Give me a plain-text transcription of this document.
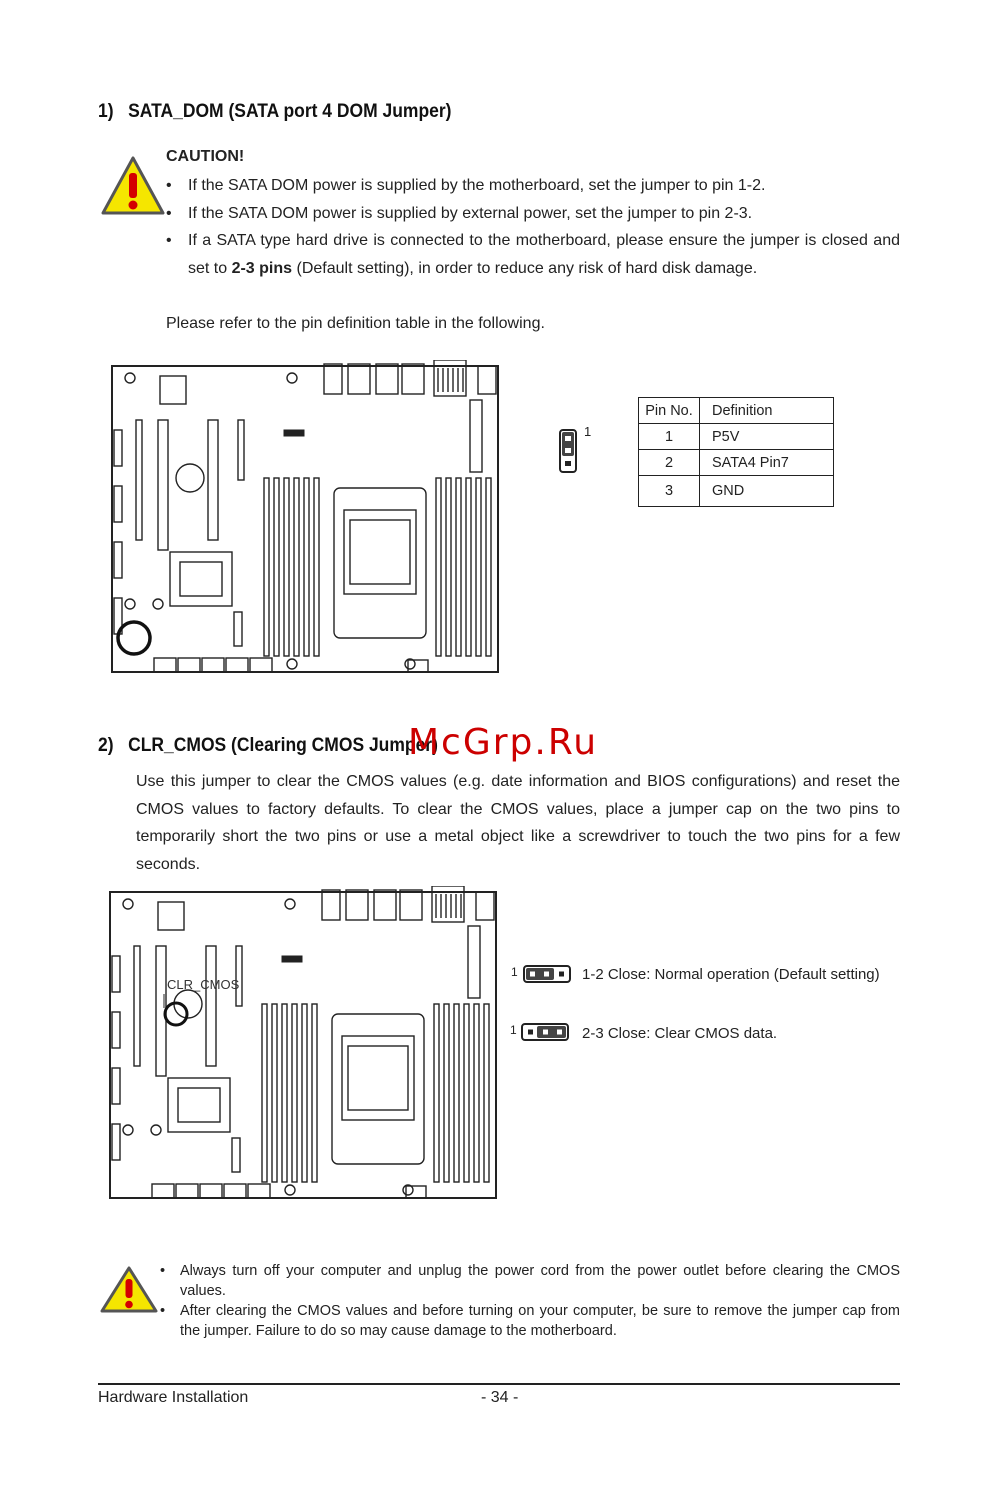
1)   SATA_DOM (SATA port 4 DOM Jumper)
CAUTION!
• If the SATA DOM power is supplied by the motherboard, set the jumper to pin 1-2.
• If the SATA DOM power is supplied by external power, set the jumper to pin 2-3.
• If a SATA type hard drive is connected to the motherboard, please ensure the jumper is closed and set to 2-3 pins (Default setting), in order to reduce any risk of hard disk damage.
Please refer to the pin definition table in the following.
1
Pin No.	Definition
1	P5V
2	SATA4 Pin7
3	GND
2)   CLR_CMOS (Clearing CMOS Jumper)
McGrp.Ru
Use this jumper to clear the CMOS values (e.g. date information and BIOS configurations) and reset the CMOS values to factory defaults. To clear the CMOS values, place a jumper cap on the two pins to temporarily short the two pins or use a metal object like a screwdriver to touch the two pins for a few seconds.
CLR_CMOS
1	1-2 Close: Normal operation (Default setting)
1	2-3 Close: Clear CMOS data.
• Always turn off your computer and unplug the power cord from the power outlet before clearing the CMOS values.
• After clearing the CMOS values and before turning on your computer, be sure to remove the jumper cap from the jumper. Failure to do so may cause damage to the motherboard.
Hardware Installation	- 34 -
